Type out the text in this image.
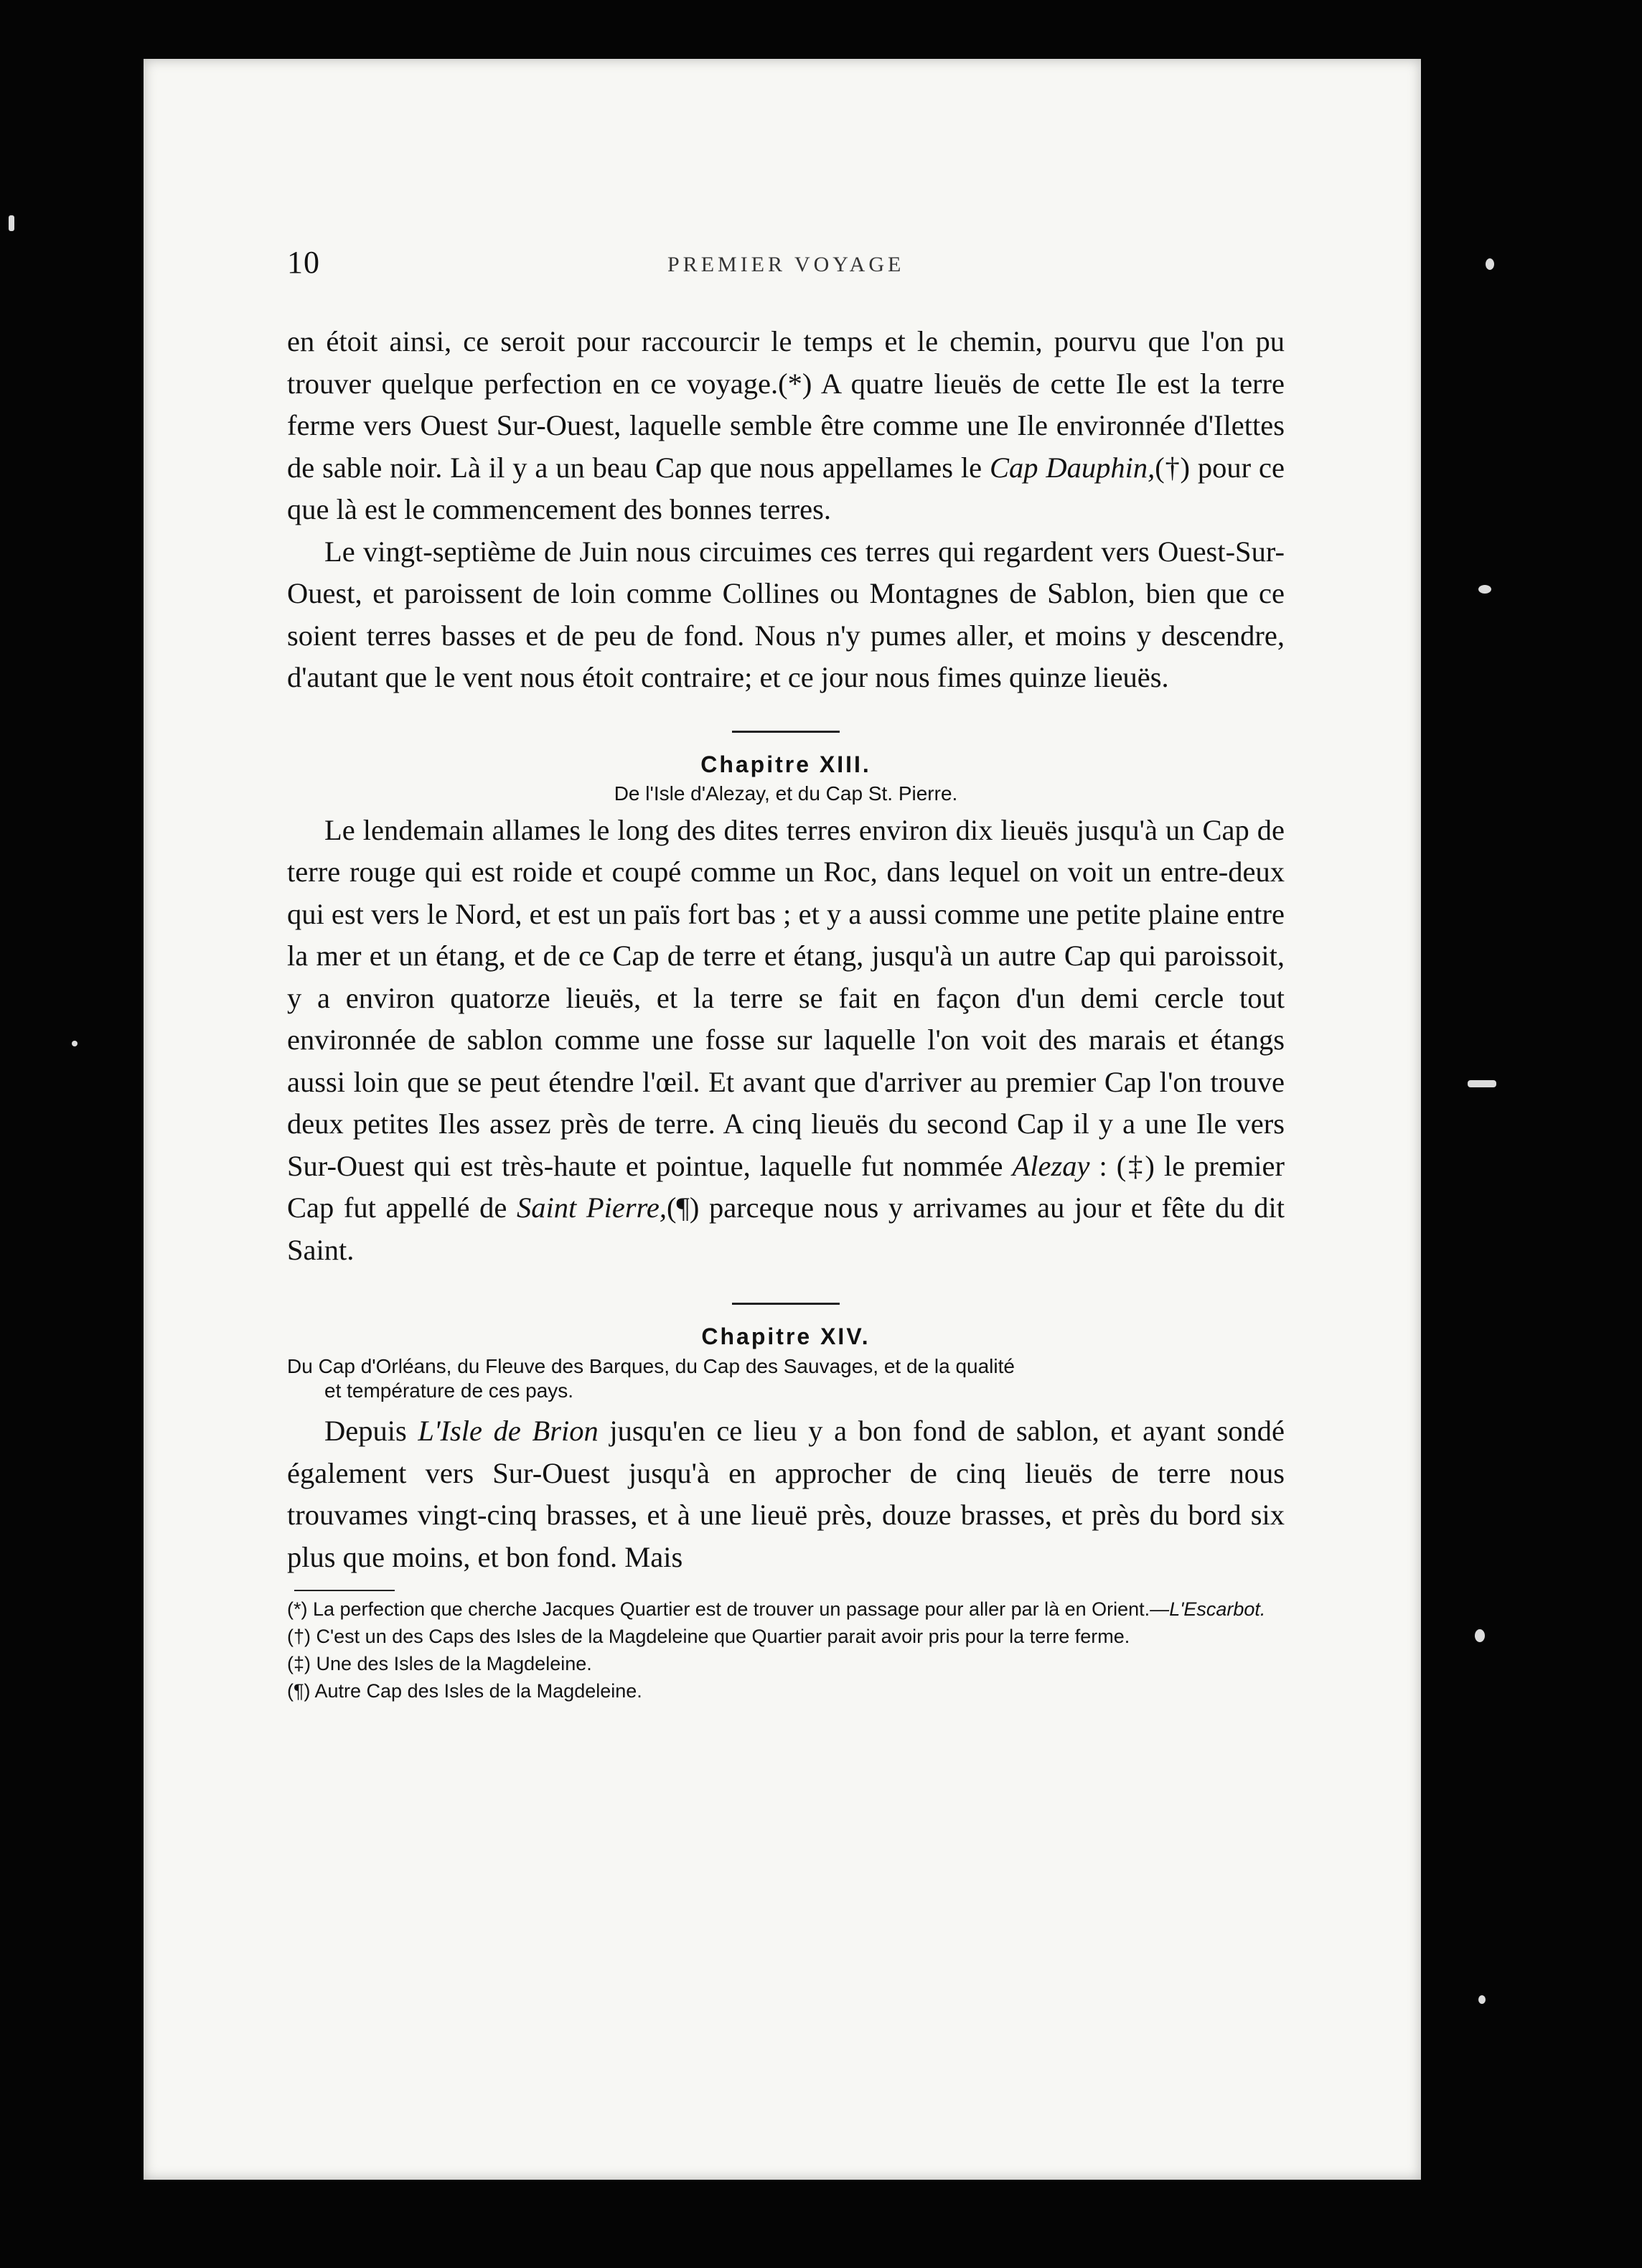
10	PREMIER VOYAGE

en étoit ainsi, ce seroit pour raccourcir le temps et le chemin, pourvu que l'on pu trouver quelque perfection en ce voyage.(*) A quatre lieuës de cette Ile est la terre ferme vers Ouest Sur-Ouest, laquelle semble être comme une Ile environnée d'Ilettes de sable noir. Là il y a un beau Cap que nous appellames le Cap Dauphin,(†) pour ce que là est le commencement des bonnes terres.

Le vingt-septième de Juin nous circuimes ces terres qui regardent vers Ouest-Sur-Ouest, et paroissent de loin comme Collines ou Montagnes de Sablon, bien que ce soient terres basses et de peu de fond. Nous n'y pumes aller, et moins y descendre, d'autant que le vent nous étoit contraire; et ce jour nous fimes quinze lieuës.

Chapitre XIII.

De l'Isle d'Alezay, et du Cap St. Pierre.

Le lendemain allames le long des dites terres environ dix lieuës jusqu'à un Cap de terre rouge qui est roide et coupé comme un Roc, dans lequel on voit un entre-deux qui est vers le Nord, et est un païs fort bas ; et y a aussi comme une petite plaine entre la mer et un étang, et de ce Cap de terre et étang, jusqu'à un autre Cap qui paroissoit, y a environ quatorze lieuës, et la terre se fait en façon d'un demi cercle tout environnée de sablon comme une fosse sur laquelle l'on voit des marais et étangs aussi loin que se peut étendre l'œil. Et avant que d'arriver au premier Cap l'on trouve deux petites Iles assez près de terre. A cinq lieuës du second Cap il y a une Ile vers Sur-Ouest qui est très-haute et pointue, laquelle fut nommée Alezay : (‡) le premier Cap fut appellé de Saint Pierre,(¶) parceque nous y arrivames au jour et fête du dit Saint.

Chapitre XIV.

Du Cap d'Orléans, du Fleuve des Barques, du Cap des Sauvages, et de la qualité
et température de ces pays.

Depuis L'Isle de Brion jusqu'en ce lieu y a bon fond de sablon, et ayant sondé également vers Sur-Ouest jusqu'à en approcher de cinq lieuës de terre nous trouvames vingt-cinq brasses, et à une lieuë près, douze brasses, et près du bord six plus que moins, et bon fond. Mais

(*) La perfection que cherche Jacques Quartier est de trouver un passage pour aller par là en Orient.—L'Escarbot.

(†) C'est un des Caps des Isles de la Magdeleine que Quartier parait avoir pris pour la terre ferme.

(‡) Une des Isles de la Magdeleine.

(¶) Autre Cap des Isles de la Magdeleine.
